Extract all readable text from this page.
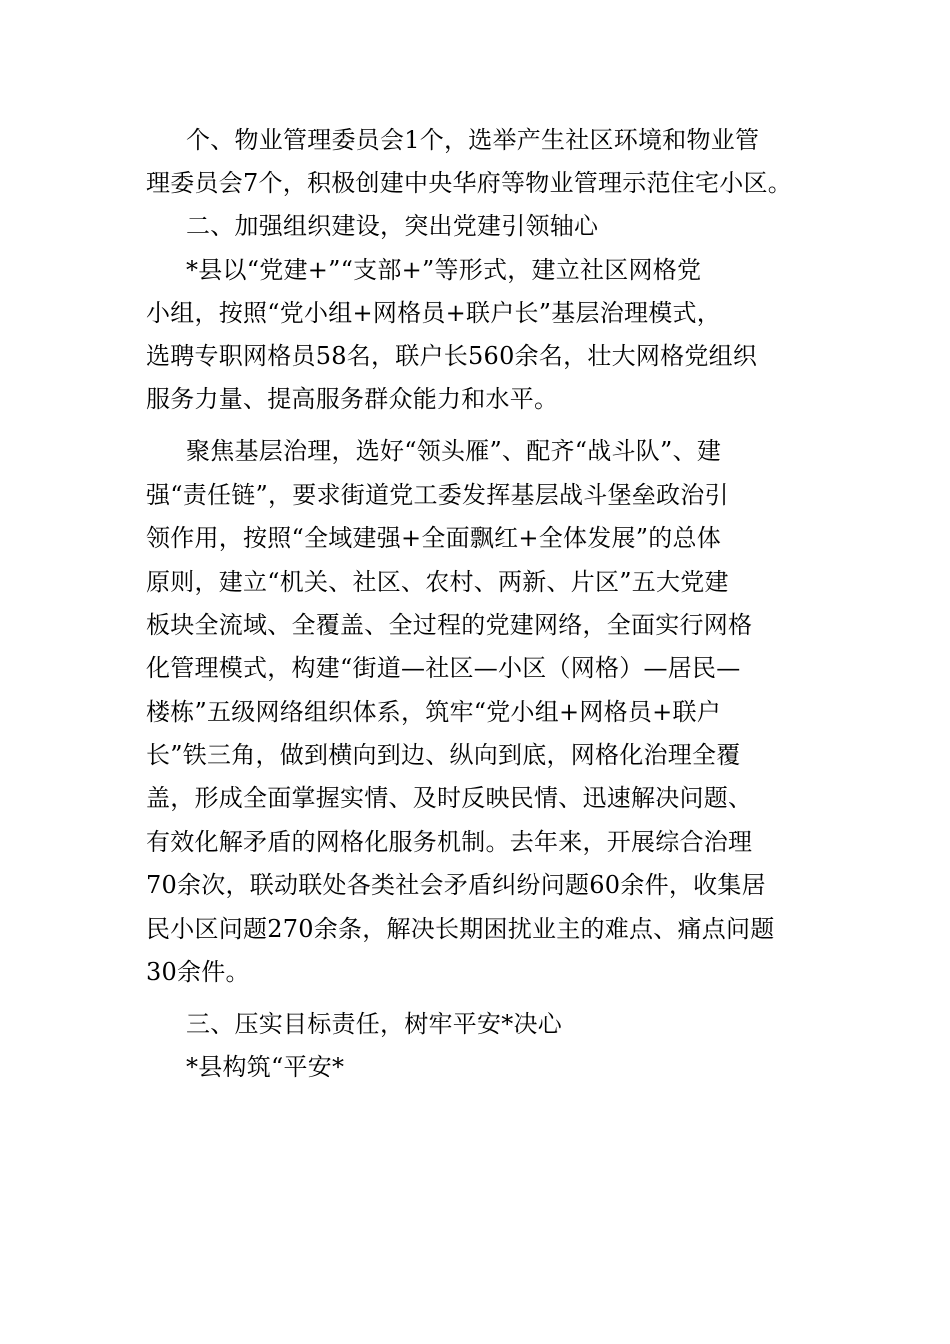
个、物业管理委员会1个，选举产生社区环境和物业管

理委员会7个，积极创建中央华府等物业管理示范住宅小区。

二、加强组织建设，突出党建引领轴心

*县以“党建+”“支部+”等形式，建立社区网格党

小组，按照“党小组+网格员+联户长”基层治理模式，

选聘专职网格员58名，联户长560余名，壮大网格党组织

服务力量、提高服务群众能力和水平。

聚焦基层治理，选好“领头雁”、配齐“战斗队”、建

强“责任链”，要求街道党工委发挥基层战斗堡垒政治引

领作用，按照“全域建强+全面飘红+全体发展”的总体

原则，建立“机关、社区、农村、两新、片区”五大党建

板块全流域、全覆盖、全过程的党建网络，全面实行网格

化管理模式，构建“街道—社区—小区（网格）—居民—

楼栋”五级网络组织体系，筑牢“党小组+网格员+联户

长”铁三角，做到横向到边、纵向到底，网格化治理全覆

盖，形成全面掌握实情、及时反映民情、迅速解决问题、

有效化解矛盾的网格化服务机制。去年来，开展综合治理

70余次，联动联处各类社会矛盾纠纷问题60余件，收集居

民小区问题270余条，解决长期困扰业主的难点、痛点问题

30余件。

三、压实目标责任，树牢平安*决心

*县构筑“平安*
